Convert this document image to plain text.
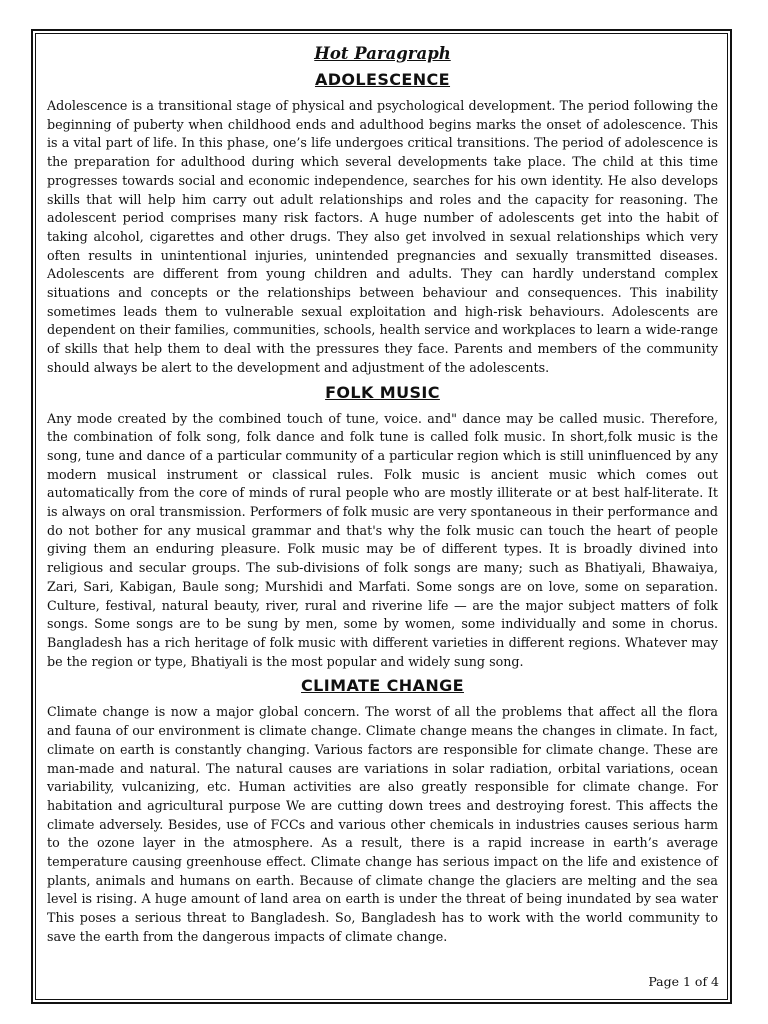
Hot Paragraph
ADOLESCENCE

Adolescence is a transitional stage of physical and psychological development. The period following the beginning of puberty when childhood ends and adulthood begins marks the onset of adolescence. This is a vital part of life. In this phase, one’s life undergoes critical transitions. The period of adolescence is the preparation for adulthood during which several developments take place. The child at this time progresses towards social and economic independence, searches for his own identity. He also develops skills that will help him carry out adult relationships and roles and the capacity for reasoning. The adolescent period comprises many risk factors. A huge number of adolescents get into the habit of taking alcohol, cigarettes and other drugs. They also get involved in sexual relationships which very often results in unintentional injuries, unintended pregnancies and sexually transmitted diseases. Adolescents are different from young children and adults. They can hardly understand complex situations and concepts or the relationships between behaviour and consequences. This inability sometimes leads them to vulnerable sexual exploitation and high-risk behaviours. Adolescents are dependent on their families, communities, schools, health service and workplaces to learn a wide-range of skills that help them to deal with the pressures they face. Parents and members of the community should always be alert to the development and adjustment of the adolescents.

FOLK MUSIC

Any mode created by the combined touch of tune, voice. and" dance may be called music. Therefore, the combination of folk song, folk dance and folk tune is called folk music. In short,folk music is the song, tune and dance of a particular community of a particular region which is still uninfluenced by any modern musical instrument or classical rules. Folk music is ancient music which comes out automatically from the core of minds of rural people who are mostly illiterate or at best half-literate. It is always on oral transmission. Performers of folk music are very spontaneous in their performance and do not bother for any musical grammar and that's why the folk music can touch the heart of people giving them an enduring pleasure. Folk music may be of different types. It is broadly divined into religious and secular groups. The sub-divisions of folk songs are many; such as Bhatiyali, Bhawaiya, Zari, Sari, Kabigan, Baule song; Murshidi and Marfati. Some songs are on love, some on separation. Culture, festival, natural beauty, river, rural and riverine life — are the major subject matters of folk songs. Some songs are to be sung by men, some by women, some individually and some in chorus. Bangladesh has a rich heritage of folk music with different varieties in different regions. Whatever may be the region or type, Bhatiyali is the most popular and widely sung song.

CLIMATE CHANGE

Climate change is now a major global concern. The worst of all the problems that affect all the flora and fauna of our environment is climate change. Climate change means the changes in climate. In fact, climate on earth is constantly changing. Various factors are responsible for climate change. These are man-made and natural. The natural causes are variations in solar radiation, orbital variations, ocean variability, vulcanizing, etc. Human activities are also greatly responsible for climate change. For habitation and agricultural purpose We are cutting down trees and destroying forest. This affects the climate adversely. Besides, use of FCCs and various other chemicals in industries causes serious harm to the ozone layer in the atmosphere. As a result, there is a rapid increase in earth’s average temperature causing greenhouse effect. Climate change has serious impact on the life and existence of plants, animals and humans on earth. Because of climate change the glaciers are melting and the sea level is rising. A huge amount of land area on earth is under the threat of being inundated by sea water This poses a serious threat to Bangladesh. So, Bangladesh has to work with the world community to save the earth from the dangerous impacts of climate change.

Page 1 of 4
